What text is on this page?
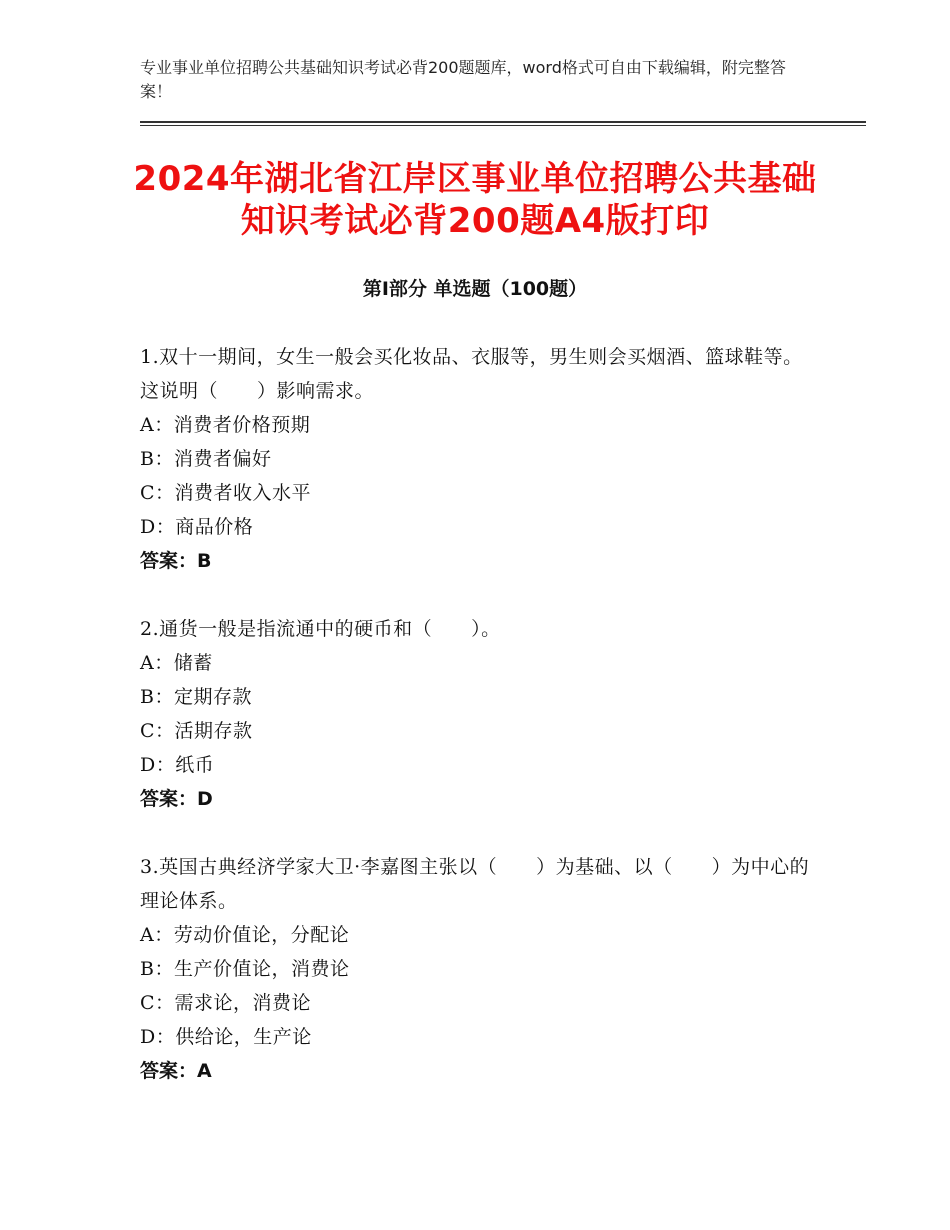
专业事业单位招聘公共基础知识考试必背200题题库，word格式可自由下载编辑，附完整答案！
2024年湖北省江岸区事业单位招聘公共基础
知识考试必背200题A4版打印
第Ⅰ部分 单选题（100题）
1.双十一期间，女生一般会买化妆品、衣服等，男生则会买烟酒、篮球鞋等。这说明（　　）影响需求。
A：消费者价格预期
B：消费者偏好
C：消费者收入水平
D：商品价格
答案：B
2.通货一般是指流通中的硬币和（　　）。
A：储蓄
B：定期存款
C：活期存款
D：纸币
答案：D
3.英国古典经济学家大卫·李嘉图主张以（　　）为基础、以（　　）为中心的理论体系。
A：劳动价值论，分配论
B：生产价值论，消费论
C：需求论，消费论
D：供给论，生产论
答案：A
